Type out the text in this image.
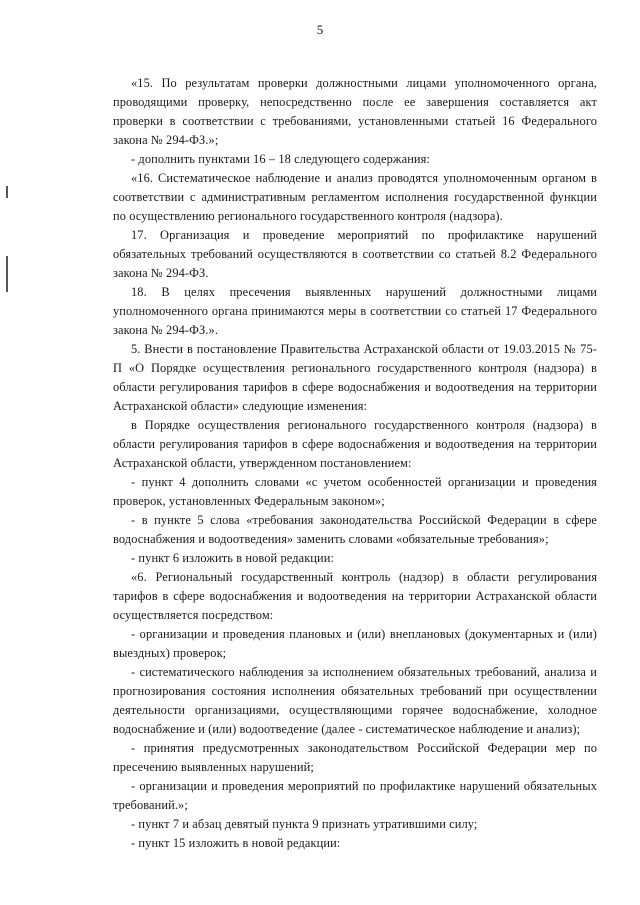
5

«15. По результатам проверки должностными лицами уполномоченного органа, проводящими проверку, непосредственно после ее завершения составляется акт проверки в соответствии с требованиями, установленными статьей 16 Федерального закона № 294-ФЗ.»;

- дополнить пунктами 16 – 18 следующего содержания:

«16. Систематическое наблюдение и анализ проводятся уполномоченным органом в соответствии с административным регламентом исполнения государственной функции по осуществлению регионального государственного контроля (надзора).

17. Организация и проведение мероприятий по профилактике нарушений обязательных требований осуществляются в соответствии со статьей 8.2 Федерального закона № 294-ФЗ.

18. В целях пресечения выявленных нарушений должностными лицами уполномоченного органа принимаются меры в соответствии со статьей 17 Федерального закона № 294-ФЗ.».

5. Внести в постановление Правительства Астраханской области от 19.03.2015 № 75-П «О Порядке осуществления регионального государственного контроля (надзора) в области регулирования тарифов в сфере водоснабжения и водоотведения на территории Астраханской области» следующие изменения:

в Порядке осуществления регионального государственного контроля (надзора) в области регулирования тарифов в сфере водоснабжения и водоотведения на территории Астраханской области, утвержденном постановлением:

- пункт 4 дополнить словами «с учетом особенностей организации и проведения проверок, установленных Федеральным законом»;

- в пункте 5 слова «требования законодательства Российской Федерации в сфере водоснабжения и водоотведения» заменить словами «обязательные требования»;

- пункт 6 изложить в новой редакции:

«6. Региональный государственный контроль (надзор) в области регулирования тарифов в сфере водоснабжения и водоотведения на территории Астраханской области осуществляется посредством:

- организации и проведения плановых и (или) внеплановых (документарных и (или) выездных) проверок;

- систематического наблюдения за исполнением обязательных требований, анализа и прогнозирования состояния исполнения обязательных требований при осуществлении деятельности организациями, осуществляющими горячее водоснабжение, холодное водоснабжение и (или) водоотведение (далее - систематическое наблюдение и анализ);

- принятия предусмотренных законодательством Российской Федерации мер по пресечению выявленных нарушений;

- организации и проведения мероприятий по профилактике нарушений обязательных требований.»;

- пункт 7 и абзац девятый пункта 9 признать утратившими силу;

- пункт 15 изложить в новой редакции:
